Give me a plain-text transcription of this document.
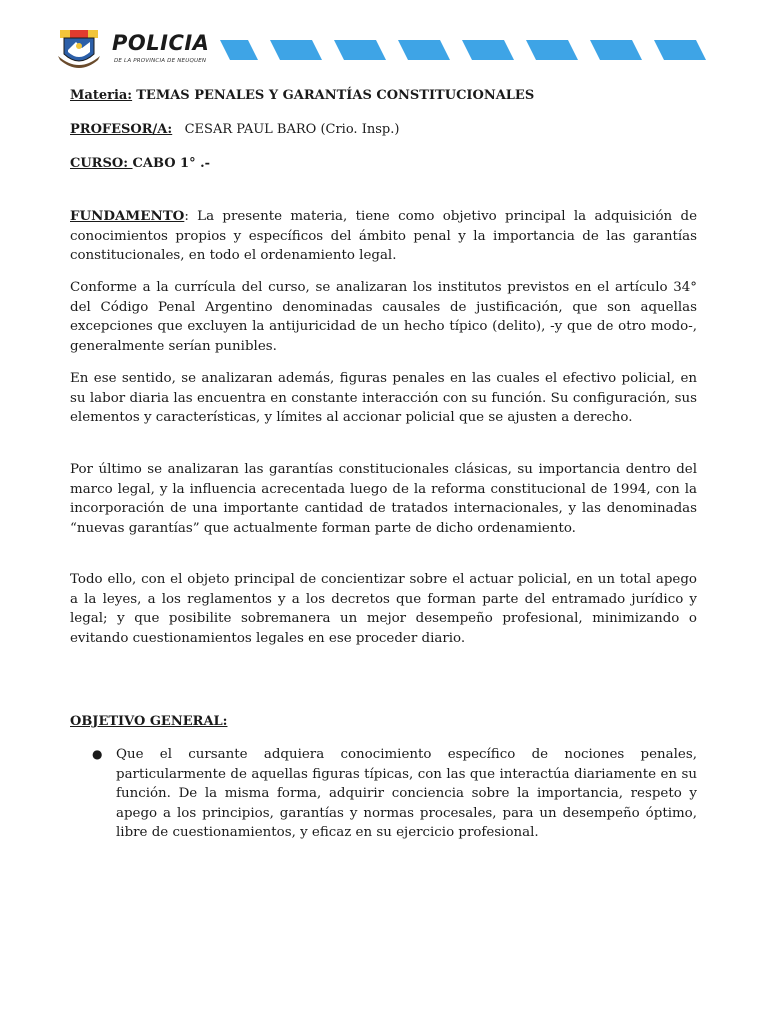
POLICIA
DE LA PROVINCIA DE NEUQUEN
Materia: TEMAS PENALES Y GARANTÍAS CONSTITUCIONALES
PROFESOR/A: CESAR PAUL BARO (Crio. Insp.)
CURSO: CABO 1° .-

FUNDAMENTO: La presente materia, tiene como objetivo principal la adquisición de conocimientos propios y específicos del ámbito penal y la importancia de las garantías constitucionales, en todo el ordenamiento legal.

Conforme a la currícula del curso, se analizaran los institutos previstos en el artículo 34° del Código Penal Argentino denominadas causales de justificación, que son aquellas excepciones que excluyen la antijuricidad de un hecho típico (delito), -y que de otro modo-, generalmente serían punibles.

En ese sentido, se analizaran además, figuras penales en las cuales el efectivo policial, en su labor diaria las encuentra en constante interacción con su función. Su configuración, sus elementos y características, y límites al accionar policial que se ajusten a derecho.

Por último se analizaran las garantías constitucionales clásicas, su importancia dentro del marco legal, y la influencia acrecentada luego de la reforma constitucional de 1994, con la incorporación de una importante cantidad de tratados internacionales, y las denominadas “nuevas garantías” que actualmente forman parte de dicho ordenamiento.

Todo ello, con el objeto principal de concientizar sobre el actuar policial, en un total apego a la leyes, a los reglamentos y a los decretos que forman parte del entramado jurídico y legal; y que posibilite sobremanera un mejor desempeño profesional, minimizando o evitando cuestionamientos legales en ese proceder diario.

OBJETIVO GENERAL:
● Que el cursante adquiera conocimiento específico de nociones penales, particularmente de aquellas figuras típicas, con las que interactúa diariamente en su función. De la misma forma, adquirir conciencia sobre la importancia, respeto y apego a los principios, garantías y normas procesales, para un desempeño óptimo, libre de cuestionamientos, y eficaz en su ejercicio profesional.
